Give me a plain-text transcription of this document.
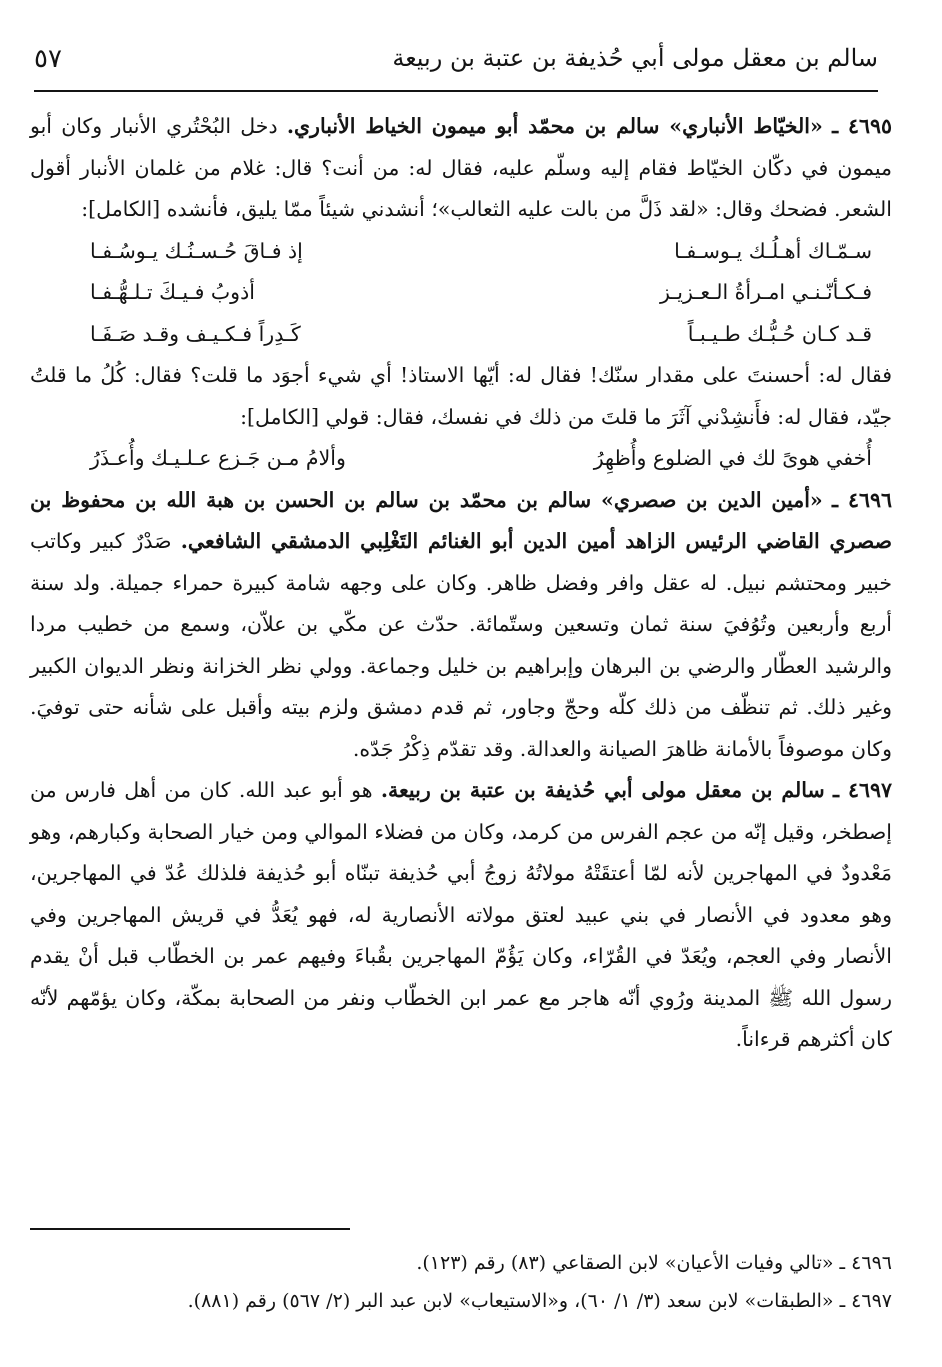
سالم بن معقل مولى أبي حُذيفة بن عتبة بن ربيعة
٥٧

٤٦٩٥ ـ «الخيّاط الأنباري» سالم بن محمّد أبو ميمون الخياط الأنباري. دخل البُحْتُري الأنبار وكان أبو ميمون في دكّان الخيّاط فقام إليه وسلّم عليه، فقال له: من أنت؟ قال: غلام من غلمان الأنبار أقول الشعر. فضحك وقال: «لقد ذَلَّ من بالت عليه الثعالب»؛ أنشدني شيئاً ممّا يليق، فأنشده [الكامل]:

سـمّـاك أهـلُـك يـوسـفـا
إذ فـاقَ حُـسـنُـك يـوسُـفـا
فـكـأنّـنـي امـرأةُ الـعـزيـز
أذوبُ فـيـكَ تـلـهُّـفـا
قـد كـان حُـبُّـك طـيـبـاً
كَـدِراً فـكـيـف وقـد صَـفَـا

فقال له: أحسنتَ على مقدار سنّك! فقال له: أيّها الاستاذ! أي شيء أجوَد ما قلت؟ فقال: كُلُ ما قلتُ جيّد، فقال له: فأَنشِدْني آثَرَ ما قلتَ من ذلك في نفسك، فقال: قولي [الكامل]:

أُخفي هوىً لك في الضلوع وأُظهِرُ
وألامُ مـن جَـزع عـلـيـك وأُعـذَرُ

٤٦٩٦ ـ «أمين الدين بن صصري» سالم بن محمّد بن سالم بن الحسن بن هبة الله بن محفوظ بن صصري القاضي الرئيس الزاهد أمين الدين أبو الغنائم التَغْلِبي الدمشقي الشافعي. صَدْرٌ كبير وكاتب خبير ومحتشم نبيل. له عقل وافر وفضل ظاهر. وكان على وجهه شامة كبيرة حمراء جميلة. ولد سنة أربع وأربعين وتُوُفيَ سنة ثمان وتسعين وستّمائة. حدّث عن مكّي بن علاّن، وسمع من خطيب مردا والرشيد العطّار والرضي بن البرهان وإبراهيم بن خليل وجماعة. وولي نظر الخزانة ونظر الديوان الكبير وغير ذلك. ثم تنظّف من ذلك كلّه وحجّ وجاور، ثم قدم دمشق ولزم بيته وأقبل على شأنه حتى توفيَ. وكان موصوفاً بالأمانة ظاهرَ الصيانة والعدالة. وقد تقدّم ذِكْرُ جَدّه.

٤٦٩٧ ـ سالم بن معقل مولى أبي حُذيفة بن عتبة بن ربيعة. هو أبو عبد الله. كان من أهل فارس من إصطخر، وقيل إنّه من عجم الفرس من كرمد، وكان من فضلاء الموالي ومن خيار الصحابة وكبارهم، وهو مَعْدودٌ في المهاجرين لأنه لمّا أعتقَتْهُ مولاتُهُ زوجُ أبي حُذيفة تبنّاه أبو حُذيفة فلذلك عُدّ في المهاجرين، وهو معدود في الأنصار في بني عبيد لعتق مولاته الأنصارية له، فهو يُعَدُّ في قريش المهاجرين وفي الأنصار وفي العجم، ويُعَدّ في القُرّاء، وكان يَؤُمّ المهاجرين بقُباءَ وفيهم عمر بن الخطّاب قبل أنْ يقدم رسول الله ﷺ المدينة ورُوي أنّه هاجر مع عمر ابن الخطّاب ونفر من الصحابة بمكّة، وكان يؤمّهم لأنّه كان أكثرهم قرءاناً.

٤٦٩٦ ـ «تالي وفيات الأعيان» لابن الصقاعي (٨٣) رقم (١٢٣).

٤٦٩٧ ـ «الطبقات» لابن سعد (٣/ ١/ ٦٠)، و«الاستيعاب» لابن عبد البر (٢/ ٥٦٧) رقم (٨٨١).
